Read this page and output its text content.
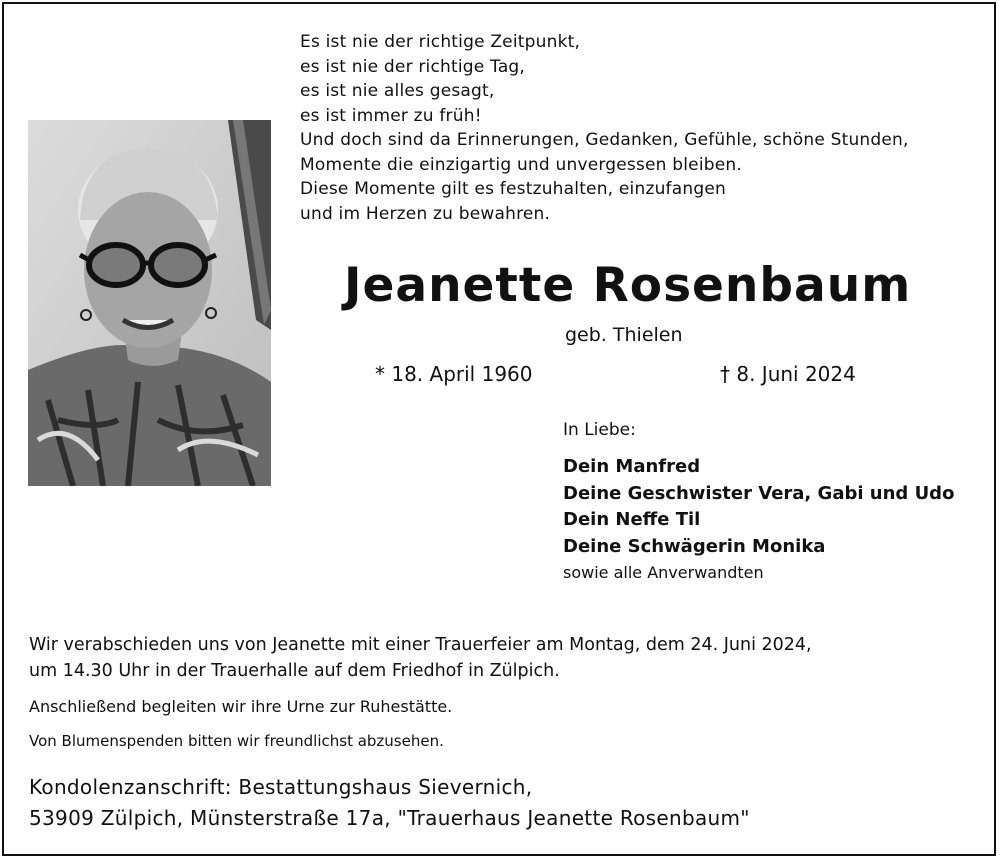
Es ist nie der richtige Zeitpunkt,
es ist nie der richtige Tag,
es ist nie alles gesagt,
es ist immer zu früh!
Und doch sind da Erinnerungen, Gedanken, Gefühle, schöne Stunden,
Momente die einzigartig und unvergessen bleiben.
Diese Momente gilt es festzuhalten, einzufangen
und im Herzen zu bewahren.
Jeanette Rosenbaum
geb. Thielen
* 18. April 1960	† 8. Juni 2024
In Liebe:
Dein Manfred
Deine Geschwister Vera, Gabi und Udo
Dein Neffe Til
Deine Schwägerin Monika
sowie alle Anverwandten
Wir verabschieden uns von Jeanette mit einer Trauerfeier am Montag, dem 24. Juni 2024,
um 14.30 Uhr in der Trauerhalle auf dem Friedhof in Zülpich.
Anschließend begleiten wir ihre Urne zur Ruhestätte.
Von Blumenspenden bitten wir freundlichst abzusehen.
Kondolenzanschrift: Bestattungshaus Sievernich,
53909 Zülpich, Münsterstraße 17a, "Trauerhaus Jeanette Rosenbaum"
